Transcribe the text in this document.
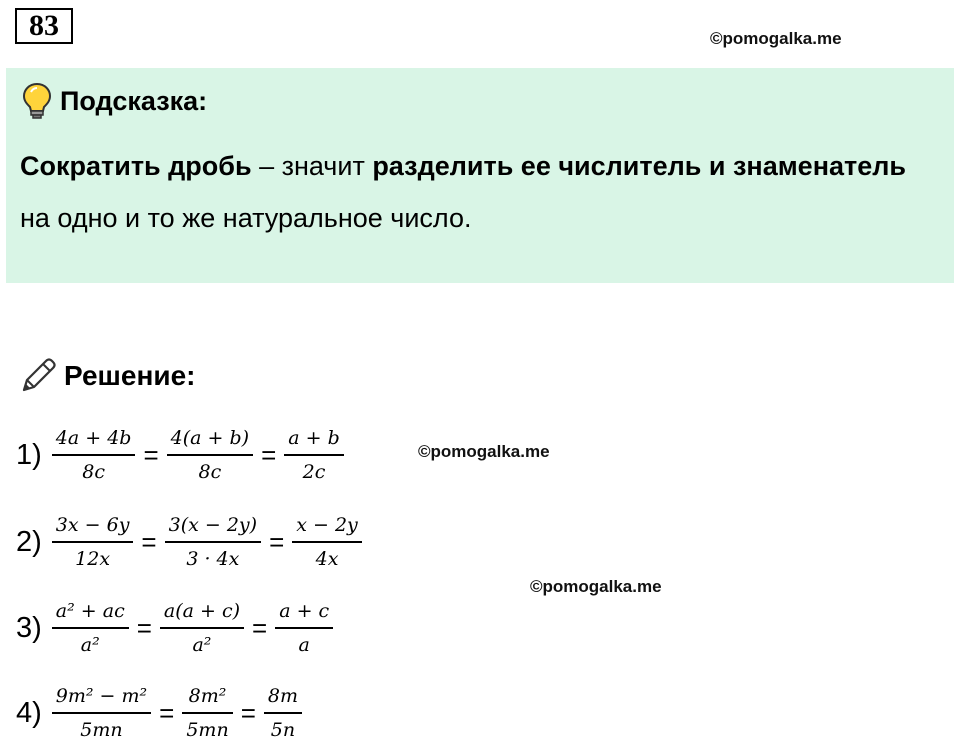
83	©pomogalka.me
Подсказка:
Сократить дробь – значит разделить ее числитель и знаменатель на одно и то же натуральное число.
Решение:
$1) \frac{4a + 4b}{8c} = \frac{4(a + b)}{8c} = \frac{a + b}{2c}$	©pomogalka.me
$2) \frac{3x - 6y}{12x} = \frac{3(x - 2y)}{3 \cdot 4x} = \frac{x - 2y}{4x}$
©pomogalka.me
$3) \frac{\text{a² + ac}}{\text{a²}} = \frac{a(a + c)}{\text{a²}} = \frac{a + c}{a}$
$4) \frac{\text{9m² − m²}}{5mn} = \frac{\text{8m²}}{5mn} = \frac{8m}{5n}$
